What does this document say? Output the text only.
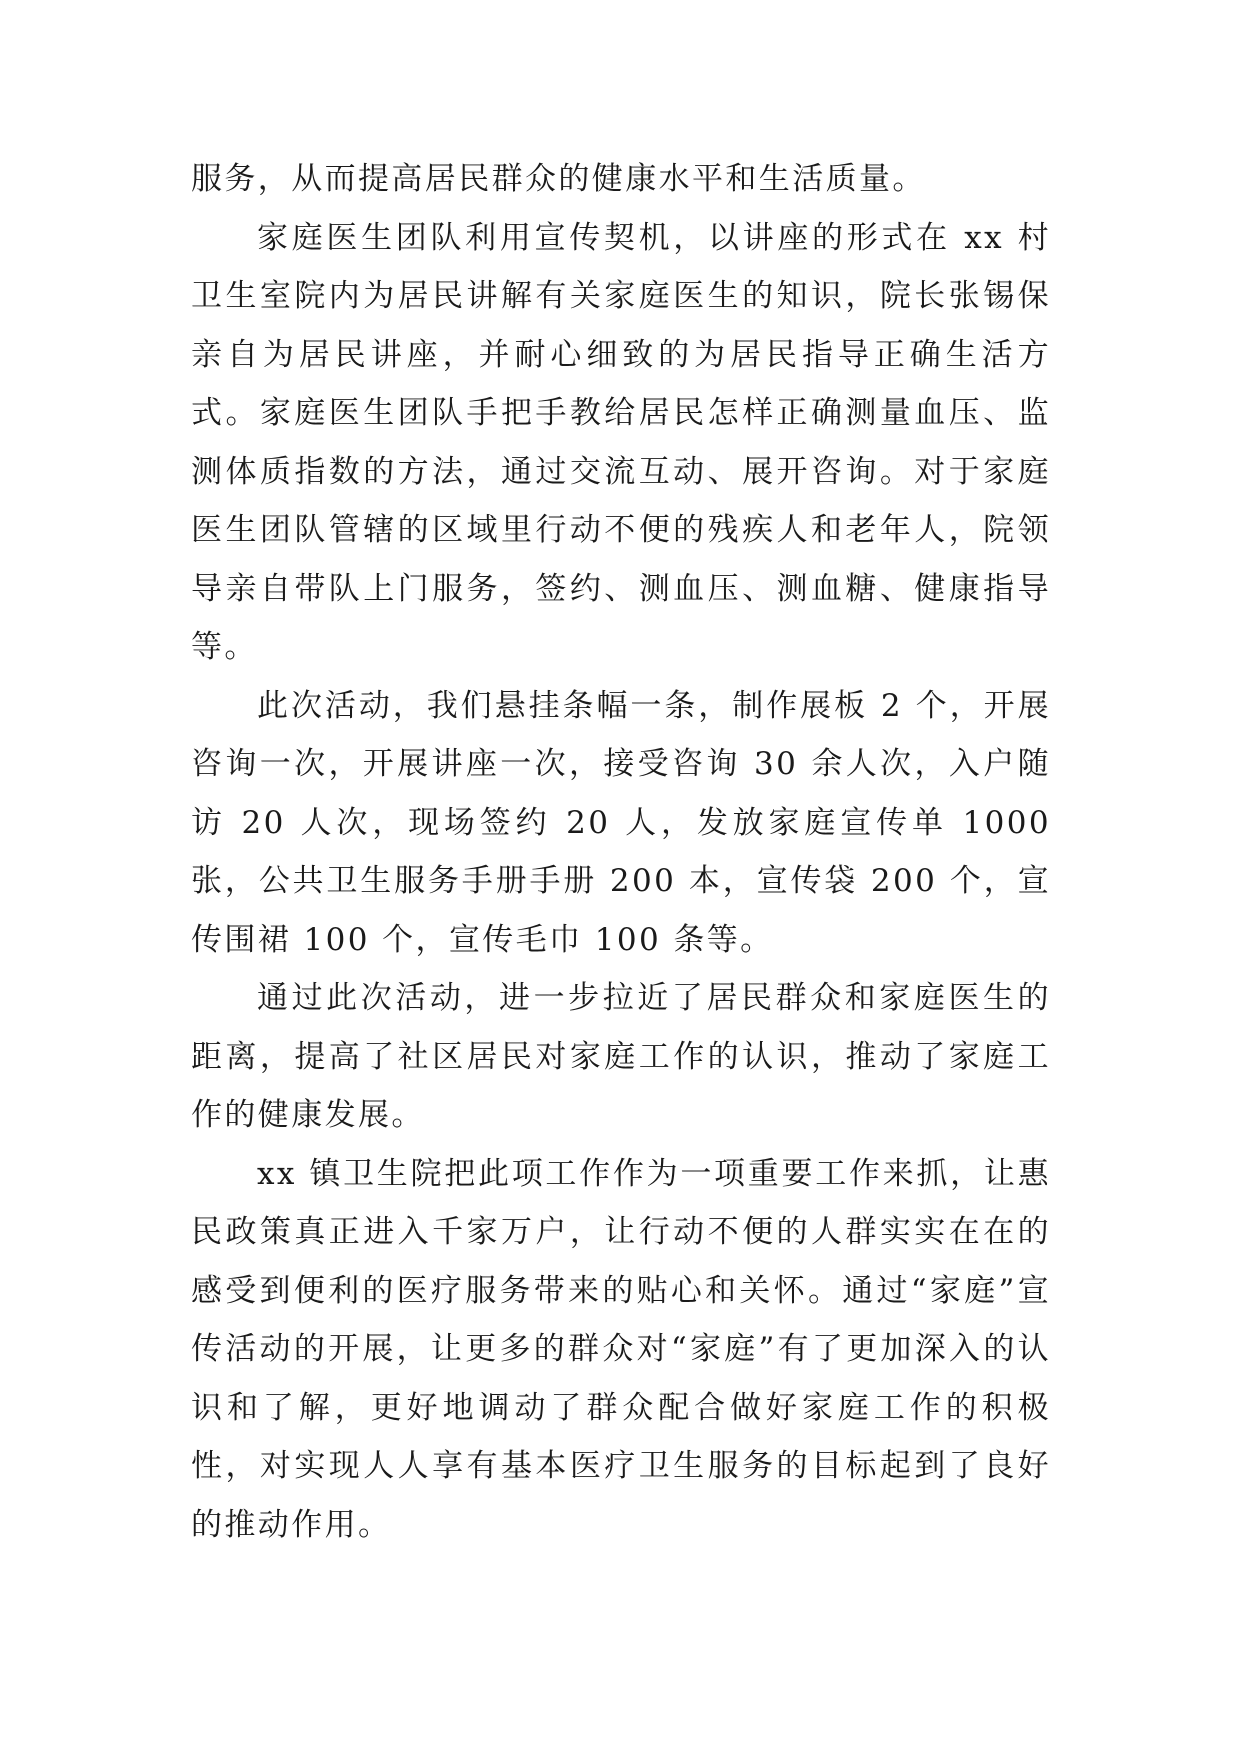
服务，从而提高居民群众的健康水平和生活质量。

家庭医生团队利用宣传契机，以讲座的形式在 xx 村卫生室院内为居民讲解有关家庭医生的知识，院长张锡保亲自为居民讲座，并耐心细致的为居民指导正确生活方式。家庭医生团队手把手教给居民怎样正确测量血压、监测体质指数的方法，通过交流互动、展开咨询。对于家庭医生团队管辖的区域里行动不便的残疾人和老年人，院领导亲自带队上门服务，签约、测血压、测血糖、健康指导等。

此次活动，我们悬挂条幅一条，制作展板 2 个，开展咨询一次，开展讲座一次，接受咨询 30 余人次，入户随访 20 人次，现场签约 20 人，发放家庭宣传单 1000 张，公共卫生服务手册手册 200 本，宣传袋 200 个，宣传围裙 100 个，宣传毛巾 100 条等。

通过此次活动，进一步拉近了居民群众和家庭医生的距离，提高了社区居民对家庭工作的认识，推动了家庭工作的健康发展。

xx 镇卫生院把此项工作作为一项重要工作来抓，让惠民政策真正进入千家万户，让行动不便的人群实实在在的感受到便利的医疗服务带来的贴心和关怀。通过“家庭”宣传活动的开展，让更多的群众对“家庭”有了更加深入的认识和了解，更好地调动了群众配合做好家庭工作的积极性，对实现人人享有基本医疗卫生服务的目标起到了良好的推动作用。
